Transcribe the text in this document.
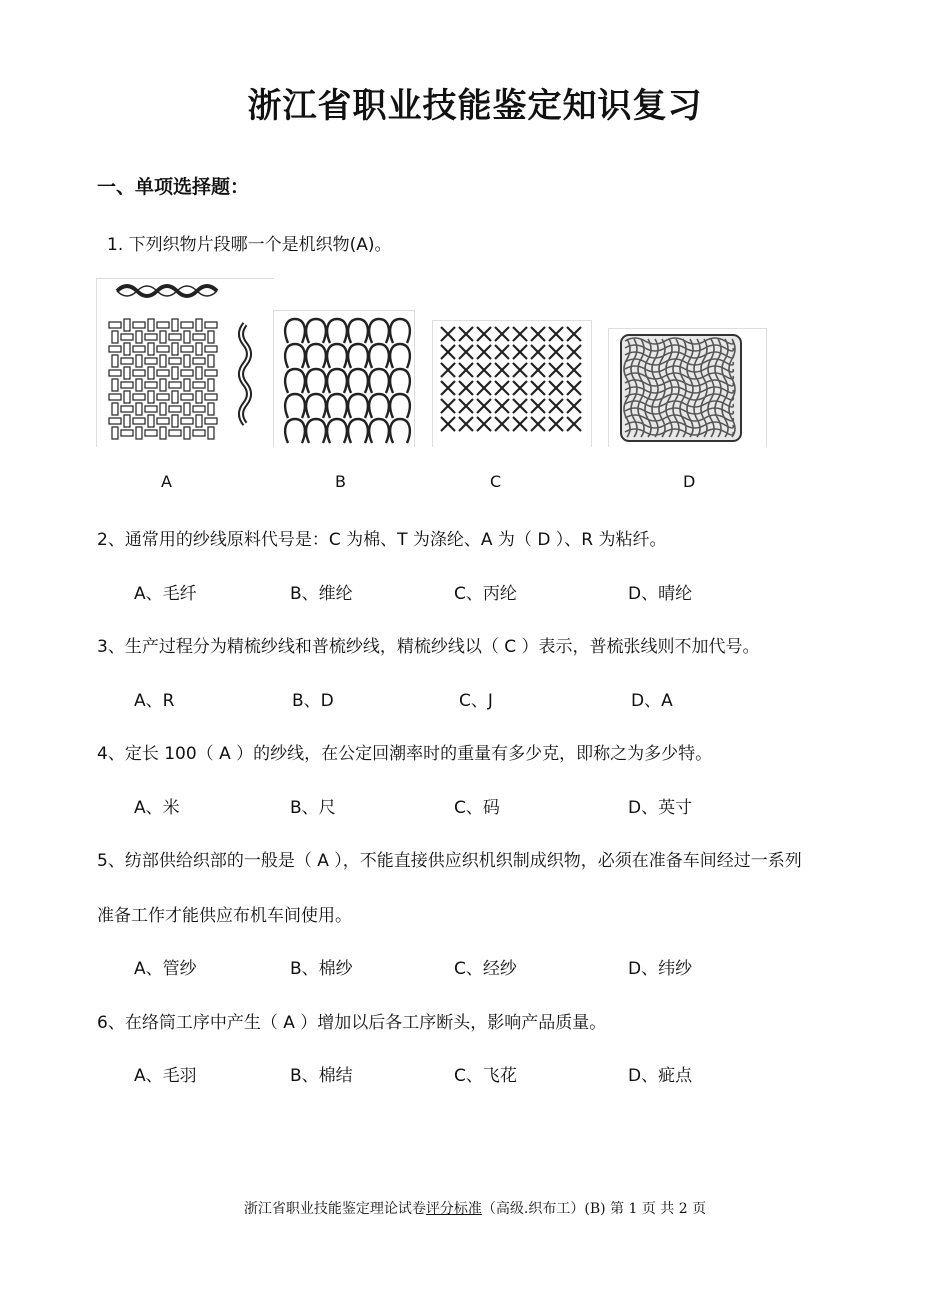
浙江省职业技能鉴定知识复习
一、单项选择题：
1. 下列织物片段哪一个是机织物(A)。
A	B	C	D
2、通常用的纱线原料代号是：C 为棉、T 为涤纶、A 为（ D ）、R 为粘纤。
A、毛纤	B、维纶	C、丙纶	D、晴纶
3、生产过程分为精梳纱线和普梳纱线，精梳纱线以（ C ）表示，普梳张线则不加代号。
A、R	B、D	C、J	D、A
4、定长 100（ A ）的纱线，在公定回潮率时的重量有多少克，即称之为多少特。
A、米	B、尺	C、码	D、英寸
5、纺部供给织部的一般是（ A ），不能直接供应织机织制成织物，必须在准备车间经过一系列
准备工作才能供应布机车间使用。
A、管纱	B、棉纱	C、经纱	D、纬纱
6、在络筒工序中产生（ A ）增加以后各工序断头，影响产品质量。
A、毛羽	B、棉结	C、飞花	D、疵点
浙江省职业技能鉴定理论试卷评分标准（高级.织布工）(B) 第 1 页 共 2 页
